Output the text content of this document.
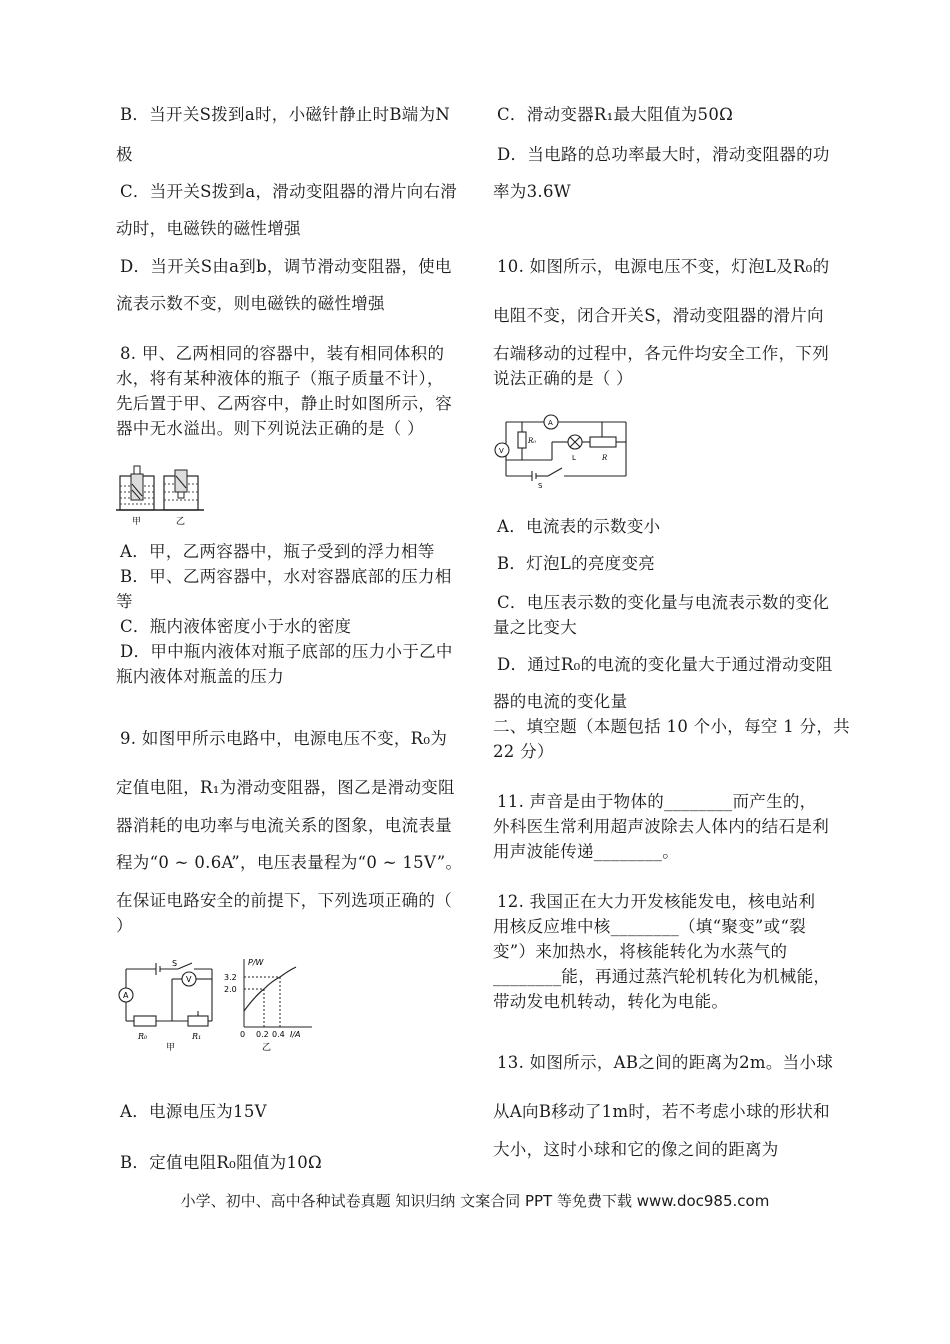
B．当开关S拨到a时，小磁针静止时B端为N
极
C．当开关S拨到a，滑动变阻器的滑片向右滑
动时，电磁铁的磁性增强
D．当开关S由a到b，调节滑动变阻器，使电
流表示数不变，则电磁铁的磁性增强
8. 甲、乙两相同的容器中，装有相同体积的
水，将有某种液体的瓶子（瓶子质量不计），
先后置于甲、乙两容中，静止时如图所示，容
器中无水溢出。则下列说法正确的是（ ）
甲	乙
A．甲，乙两容器中，瓶子受到的浮力相等
B．甲、乙两容器中，水对容器底部的压力相
等
C．瓶内液体密度小于水的密度
D．甲中瓶内液体对瓶子底部的压力小于乙中
瓶内液体对瓶盖的压力
9. 如图甲所示电路中，电源电压不变，R₀为
定值电阻，R₁为滑动变阻器，图乙是滑动变阻
器消耗的电功率与电流关系的图象，电流表量
程为“0 ~ 0.6A”，电压表量程为“0 ~ 15V”。
在保证电路安全的前提下，下列选项正确的（
）
S
A
V
R₀	R₁
甲
P/W
3.2
2.0
0 0.2 0.4 I/A
乙
A．电源电压为15V
B．定值电阻R₀阻值为10Ω
C．滑动变器R₁最大阻值为50Ω
D．当电路的总功率最大时，滑动变阻器的功
率为3.6W
10. 如图所示，电源电压不变，灯泡L及R₀的
电阻不变，闭合开关S，滑动变阻器的滑片向
右端移动的过程中，各元件均安全工作，下列
说法正确的是（ ）
A
V
R₀
L	R
S
A．电流表的示数变小
B．灯泡L的亮度变亮
C．电压表示数的变化量与电流表示数的变化
量之比变大
D．通过R₀的电流的变化量大于通过滑动变阻
器的电流的变化量
二、填空题（本题包括 10 个小，每空 1 分，共
22 分）
11. 声音是由于物体的________而产生的，
外科医生常利用超声波除去人体内的结石是利
用声波能传递________。
12. 我国正在大力开发核能发电，核电站利
用核反应堆中核________（填“聚变”或“裂
变”）来加热水，将核能转化为水蒸气的
________能，再通过蒸汽轮机转化为机械能，
带动发电机转动，转化为电能。
13. 如图所示，AB之间的距离为2m。当小球
从A向B移动了1m时，若不考虑小球的形状和
大小，这时小球和它的像之间的距离为
小学、初中、高中各种试卷真题 知识归纳 文案合同 PPT 等免费下载 www.doc985.com
